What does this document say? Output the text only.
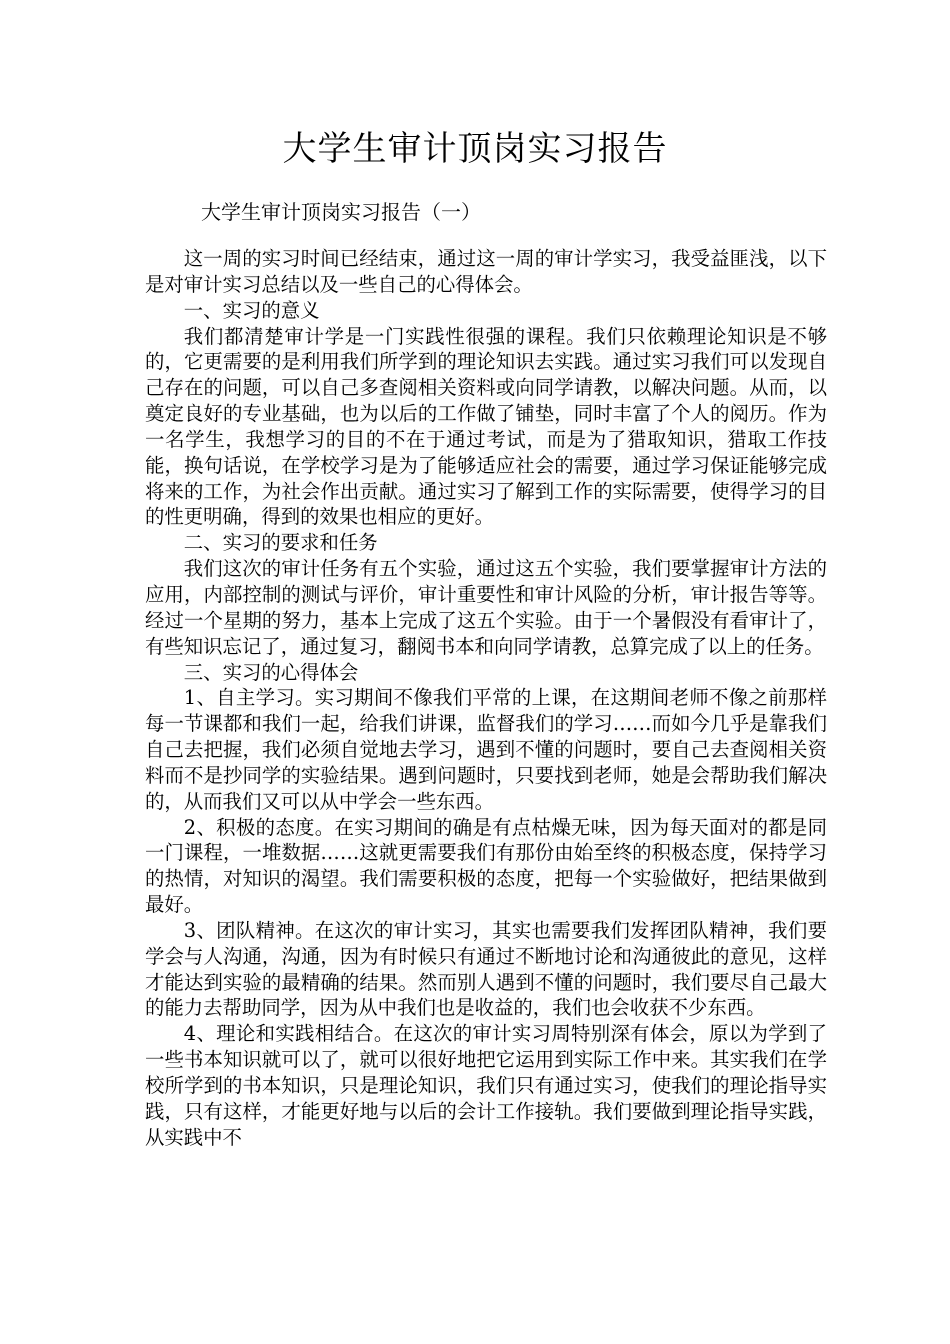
大学生审计顶岗实习报告
大学生审计顶岗实习报告（一）

这一周的实习时间已经结束，通过这一周的审计学实习，我受益匪浅，以下是对审计实习总结以及一些自己的心得体会。

一、实习的意义

我们都清楚审计学是一门实践性很强的课程。我们只依赖理论知识是不够的，它更需要的是利用我们所学到的理论知识去实践。通过实习我们可以发现自己存在的问题，可以自己多查阅相关资料或向同学请教，以解决问题。从而，以奠定良好的专业基础，也为以后的工作做了铺垫，同时丰富了个人的阅历。作为一名学生，我想学习的目的不在于通过考试，而是为了猎取知识，猎取工作技能，换句话说，在学校学习是为了能够适应社会的需要，通过学习保证能够完成将来的工作，为社会作出贡献。通过实习了解到工作的实际需要，使得学习的目的性更明确，得到的效果也相应的更好。

二、实习的要求和任务

我们这次的审计任务有五个实验，通过这五个实验，我们要掌握审计方法的应用，内部控制的测试与评价，审计重要性和审计风险的分析，审计报告等等。经过一个星期的努力，基本上完成了这五个实验。由于一个暑假没有看审计了，有些知识忘记了，通过复习，翻阅书本和向同学请教，总算完成了以上的任务。

三、实习的心得体会

1、自主学习。实习期间不像我们平常的上课，在这期间老师不像之前那样每一节课都和我们一起，给我们讲课，监督我们的学习……而如今几乎是靠我们自己去把握，我们必须自觉地去学习，遇到不懂的问题时，要自己去查阅相关资料而不是抄同学的实验结果。遇到问题时，只要找到老师，她是会帮助我们解决的，从而我们又可以从中学会一些东西。

2、积极的态度。在实习期间的确是有点枯燥无味，因为每天面对的都是同一门课程，一堆数据……这就更需要我们有那份由始至终的积极态度，保持学习的热情，对知识的渴望。我们需要积极的态度，把每一个实验做好，把结果做到最好。

3、团队精神。在这次的审计实习，其实也需要我们发挥团队精神，我们要学会与人沟通，沟通，因为有时候只有通过不断地讨论和沟通彼此的意见，这样才能达到实验的最精确的结果。然而别人遇到不懂的问题时，我们要尽自己最大的能力去帮助同学，因为从中我们也是收益的，我们也会收获不少东西。

4、理论和实践相结合。在这次的审计实习周特别深有体会，原以为学到了一些书本知识就可以了，就可以很好地把它运用到实际工作中来。其实我们在学校所学到的书本知识，只是理论知识，我们只有通过实习，使我们的理论指导实践，只有这样，才能更好地与以后的会计工作接轨。我们要做到理论指导实践，从实践中不
